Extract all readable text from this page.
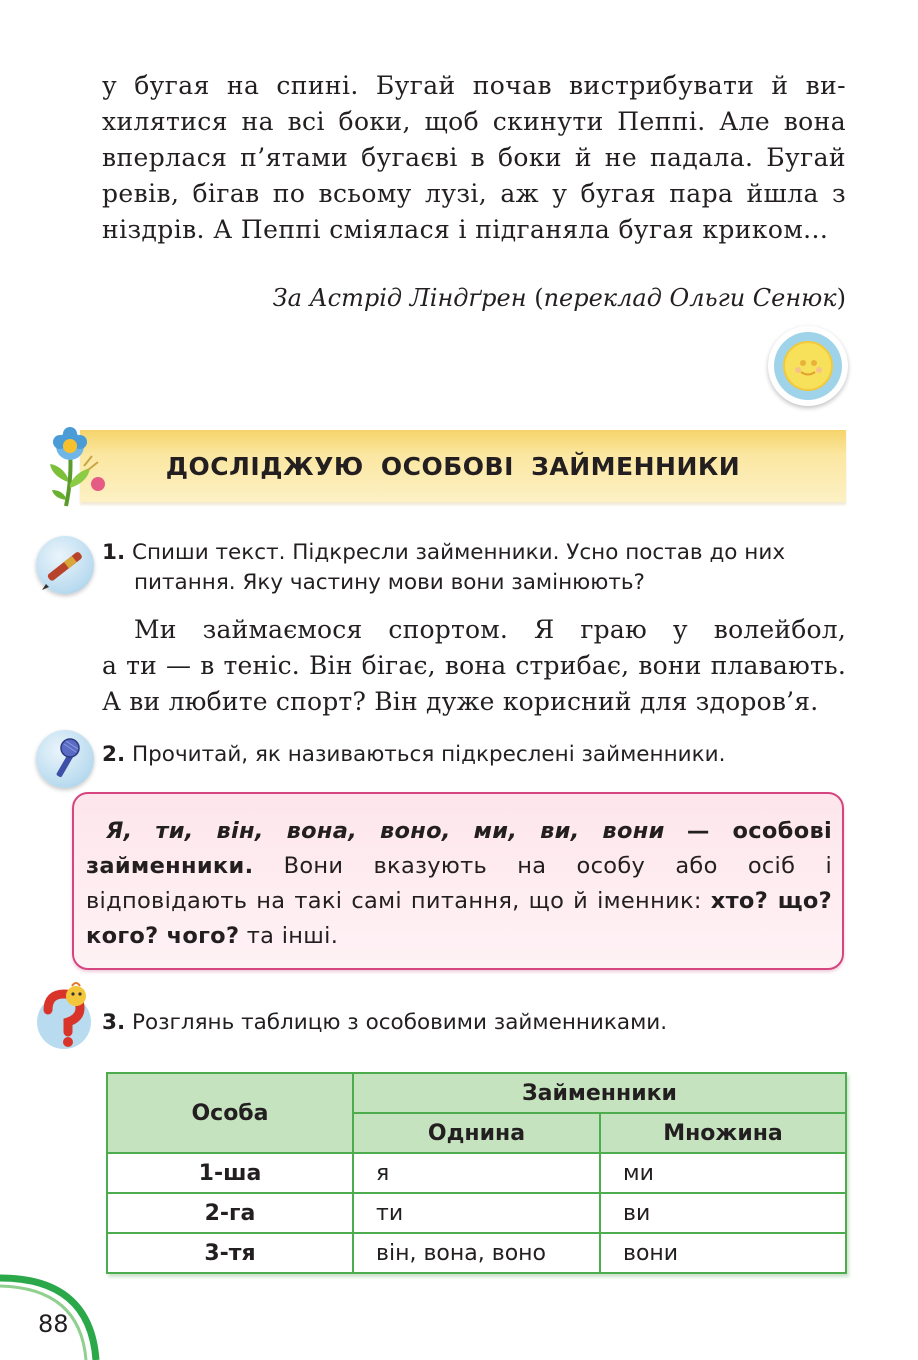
у бугая на спині. Бугай почав вистрибувати й ви- хилятися на всі боки, щоб скинути Пеппі. Але вона вперлася п’ятами бугаєві в боки й не падала. Бугай ревів, бігав по всьому лузі, аж у бугая пара йшла з ніздрів. А Пеппі сміялася і підганяла бугая криком...

За Астрід Ліндґрен (переклад Ольги Сенюк)
ДОСЛІДЖУЮ ОСОБОВІ ЗАЙМЕННИКИ
1. Спиши текст. Підкресли займенники. Усно постав до них питання. Яку частину мови вони замінюють?

Ми займаємося спортом. Я граю у волейбол,

а ти — в теніс. Він бігає, вона стрибає, вони плавають.

А ви любите спорт? Він дуже корисний для здоров’я.

2. Прочитай, як називаються підкреслені займенники.

Я, ти, він, вона, воно, ми, ви, вони — особові займенники. Вони вказують на особу або осіб і відповідають на такі самі питання, що й іменник: хто? що? кого? чого? та інші.

3. Розглянь таблицю з особовими займенниками.
Особа	Займенники	
	Однина	Множина
1-ша	я	ми
2-га	ти	ви
3-тя	він, вона, воно	вони
88
